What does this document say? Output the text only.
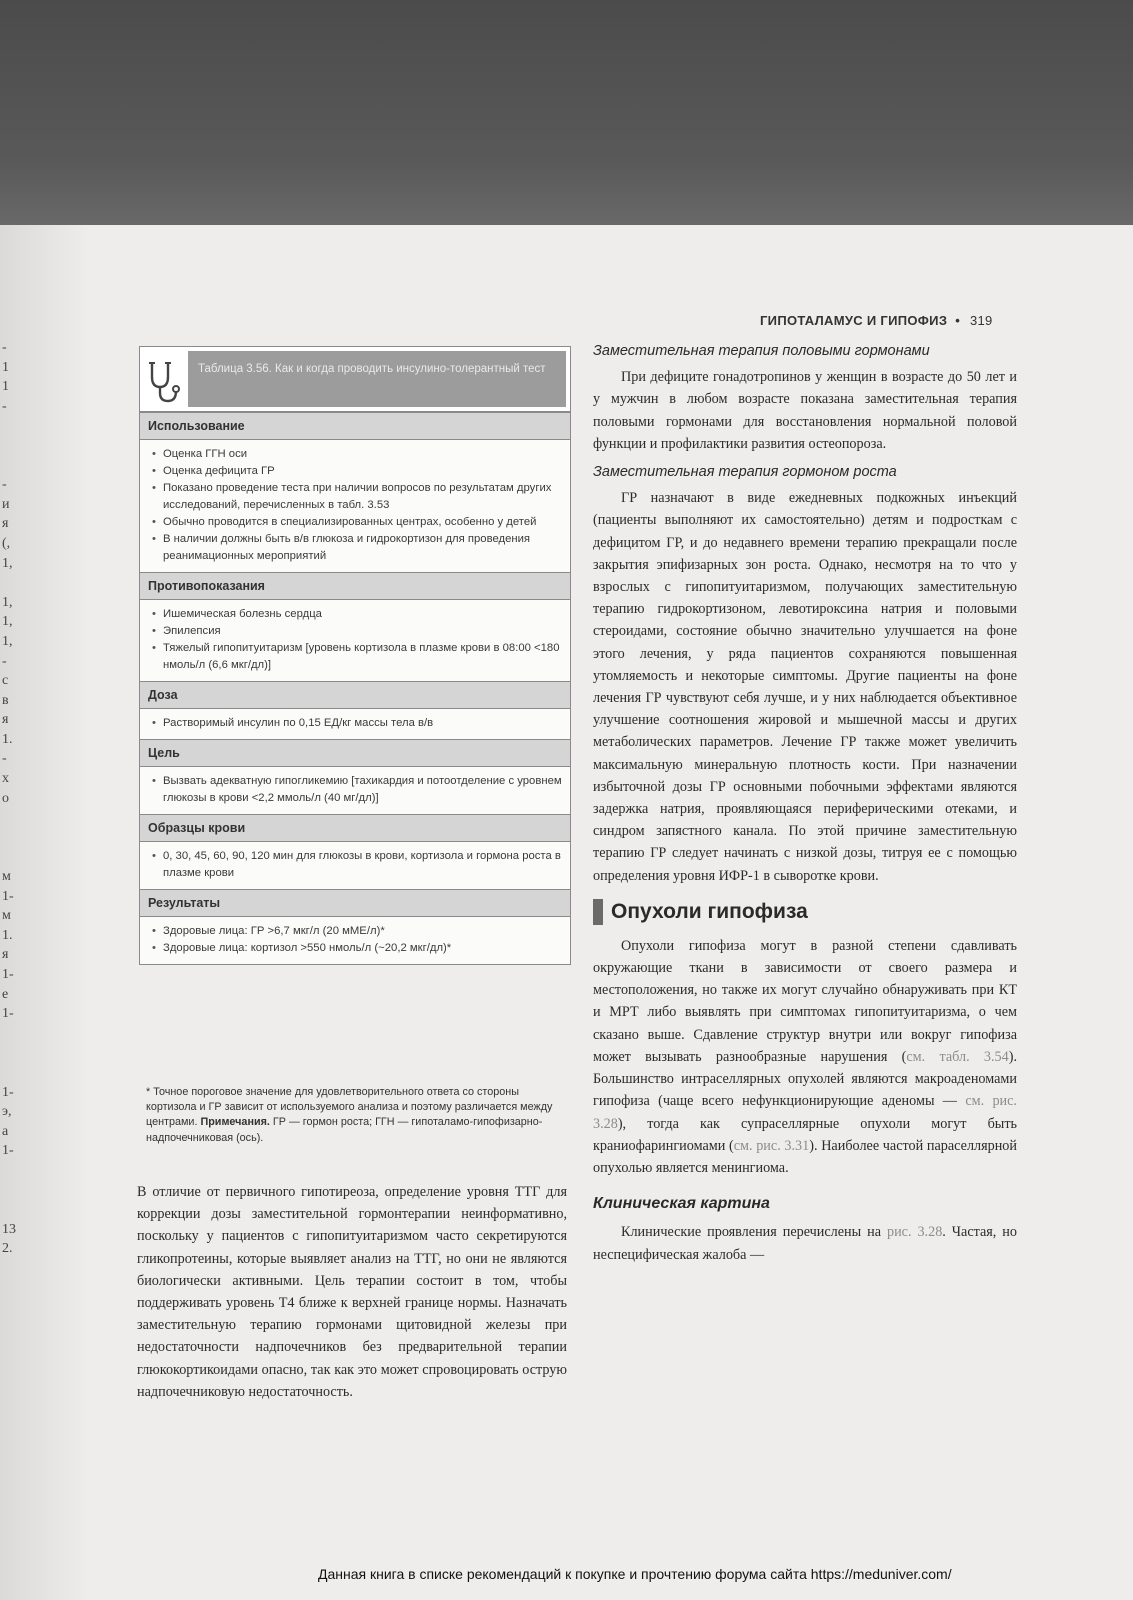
-
1
1
-
-
и
я
(,
1,
1,
1,
1,
-
с
в
я
1.
-
х
о
м
1-
м
1.
я
1-
е
1-
1-
э,
а
1-
13
2.
ГИПОТАЛАМУС И ГИПОФИЗ • 319
Таблица 3.56. Как и когда проводить инсулино-толерантный тест
Использование
• Оценка ГГН оси
• Оценка дефицита ГР
• Показано проведение теста при наличии вопросов по результатам других исследований, перечисленных в табл. 3.53
• Обычно проводится в специализированных центрах, особенно у детей
• В наличии должны быть в/в глюкоза и гидрокортизон для проведения реанимационных мероприятий
Противопоказания
• Ишемическая болезнь сердца
• Эпилепсия
• Тяжелый гипопитуитаризм [уровень кортизола в плазме крови в 08:00 <180 нмоль/л (6,6 мкг/дл)]
Доза
• Растворимый инсулин по 0,15 ЕД/кг массы тела в/в
Цель
• Вызвать адекватную гипогликемию [тахикардия и потоотделение с уровнем глюкозы в крови <2,2 ммоль/л (40 мг/дл)]
Образцы крови
• 0, 30, 45, 60, 90, 120 мин для глюкозы в крови, кортизола и гормона роста в плазме крови
Результаты
• Здоровые лица: ГР >6,7 мкг/л (20 мМЕ/л)*
• Здоровые лица: кортизол >550 нмоль/л (~20,2 мкг/дл)*
* Точное пороговое значение для удовлетворительного ответа со стороны кортизола и ГР зависит от используемого анализа и поэтому различается между центрами. Примечания. ГР — гормон роста; ГГН — гипоталамо-гипофизарно-надпочечниковая (ось).
В отличие от первичного гипотиреоза, определение уровня ТТГ для коррекции дозы заместительной гормонтерапии неинформативно, поскольку у пациентов с гипопитуитаризмом часто секретируются гликопротеины, которые выявляет анализ на ТТГ, но они не являются биологически активными. Цель терапии состоит в том, чтобы поддерживать уровень Т4 ближе к верхней границе нормы. Назначать заместительную терапию гормонами щитовидной железы при недостаточности надпочечников без предварительной терапии глюкокортикоидами опасно, так как это может спровоцировать острую надпочечниковую недостаточность.
Заместительная терапия половыми гормонами

При дефиците гонадотропинов у женщин в возрасте до 50 лет и у мужчин в любом возрасте показана заместительная терапия половыми гормонами для восстановления нормальной половой функции и профилактики развития остеопороза.

Заместительная терапия гормоном роста

ГР назначают в виде ежедневных подкожных инъекций (пациенты выполняют их самостоятельно) детям и подросткам с дефицитом ГР, и до недавнего времени терапию прекращали после закрытия эпифизарных зон роста. Однако, несмотря на то что у взрослых с гипопитуитаризмом, получающих заместительную терапию гидрокортизоном, левотироксина натрия и половыми стероидами, состояние обычно значительно улучшается на фоне этого лечения, у ряда пациентов сохраняются повышенная утомляемость и некоторые симптомы. Другие пациенты на фоне лечения ГР чувствуют себя лучше, и у них наблюдается объективное улучшение соотношения жировой и мышечной массы и других метаболических параметров. Лечение ГР также может увеличить максимальную минеральную плотность кости. При назначении избыточной дозы ГР основными побочными эффектами являются задержка натрия, проявляющаяся периферическими отеками, и синдром запястного канала. По этой причине заместительную терапию ГР следует начинать с низкой дозы, титруя ее с помощью определения уровня ИФР-1 в сыворотке крови.

Опухоли гипофиза

Опухоли гипофиза могут в разной степени сдавливать окружающие ткани в зависимости от своего размера и местоположения, но также их могут случайно обнаруживать при КТ и МРТ либо выявлять при симптомах гипопитуитаризма, о чем сказано выше. Сдавление структур внутри или вокруг гипофиза может вызывать разнообразные нарушения (см. табл. 3.54). Большинство интраселлярных опухолей являются макроаденомами гипофиза (чаще всего нефункционирующие аденомы — см. рис. 3.28), тогда как супраселлярные опухоли могут быть краниофарингиомами (см. рис. 3.31). Наиболее частой параселлярной опухолью является менингиома.

Клиническая картина

Клинические проявления перечислены на рис. 3.28. Частая, но неспецифическая жалоба —

Данная книга в списке рекомендаций к покупке и прочтению форума сайта https://meduniver.com/
